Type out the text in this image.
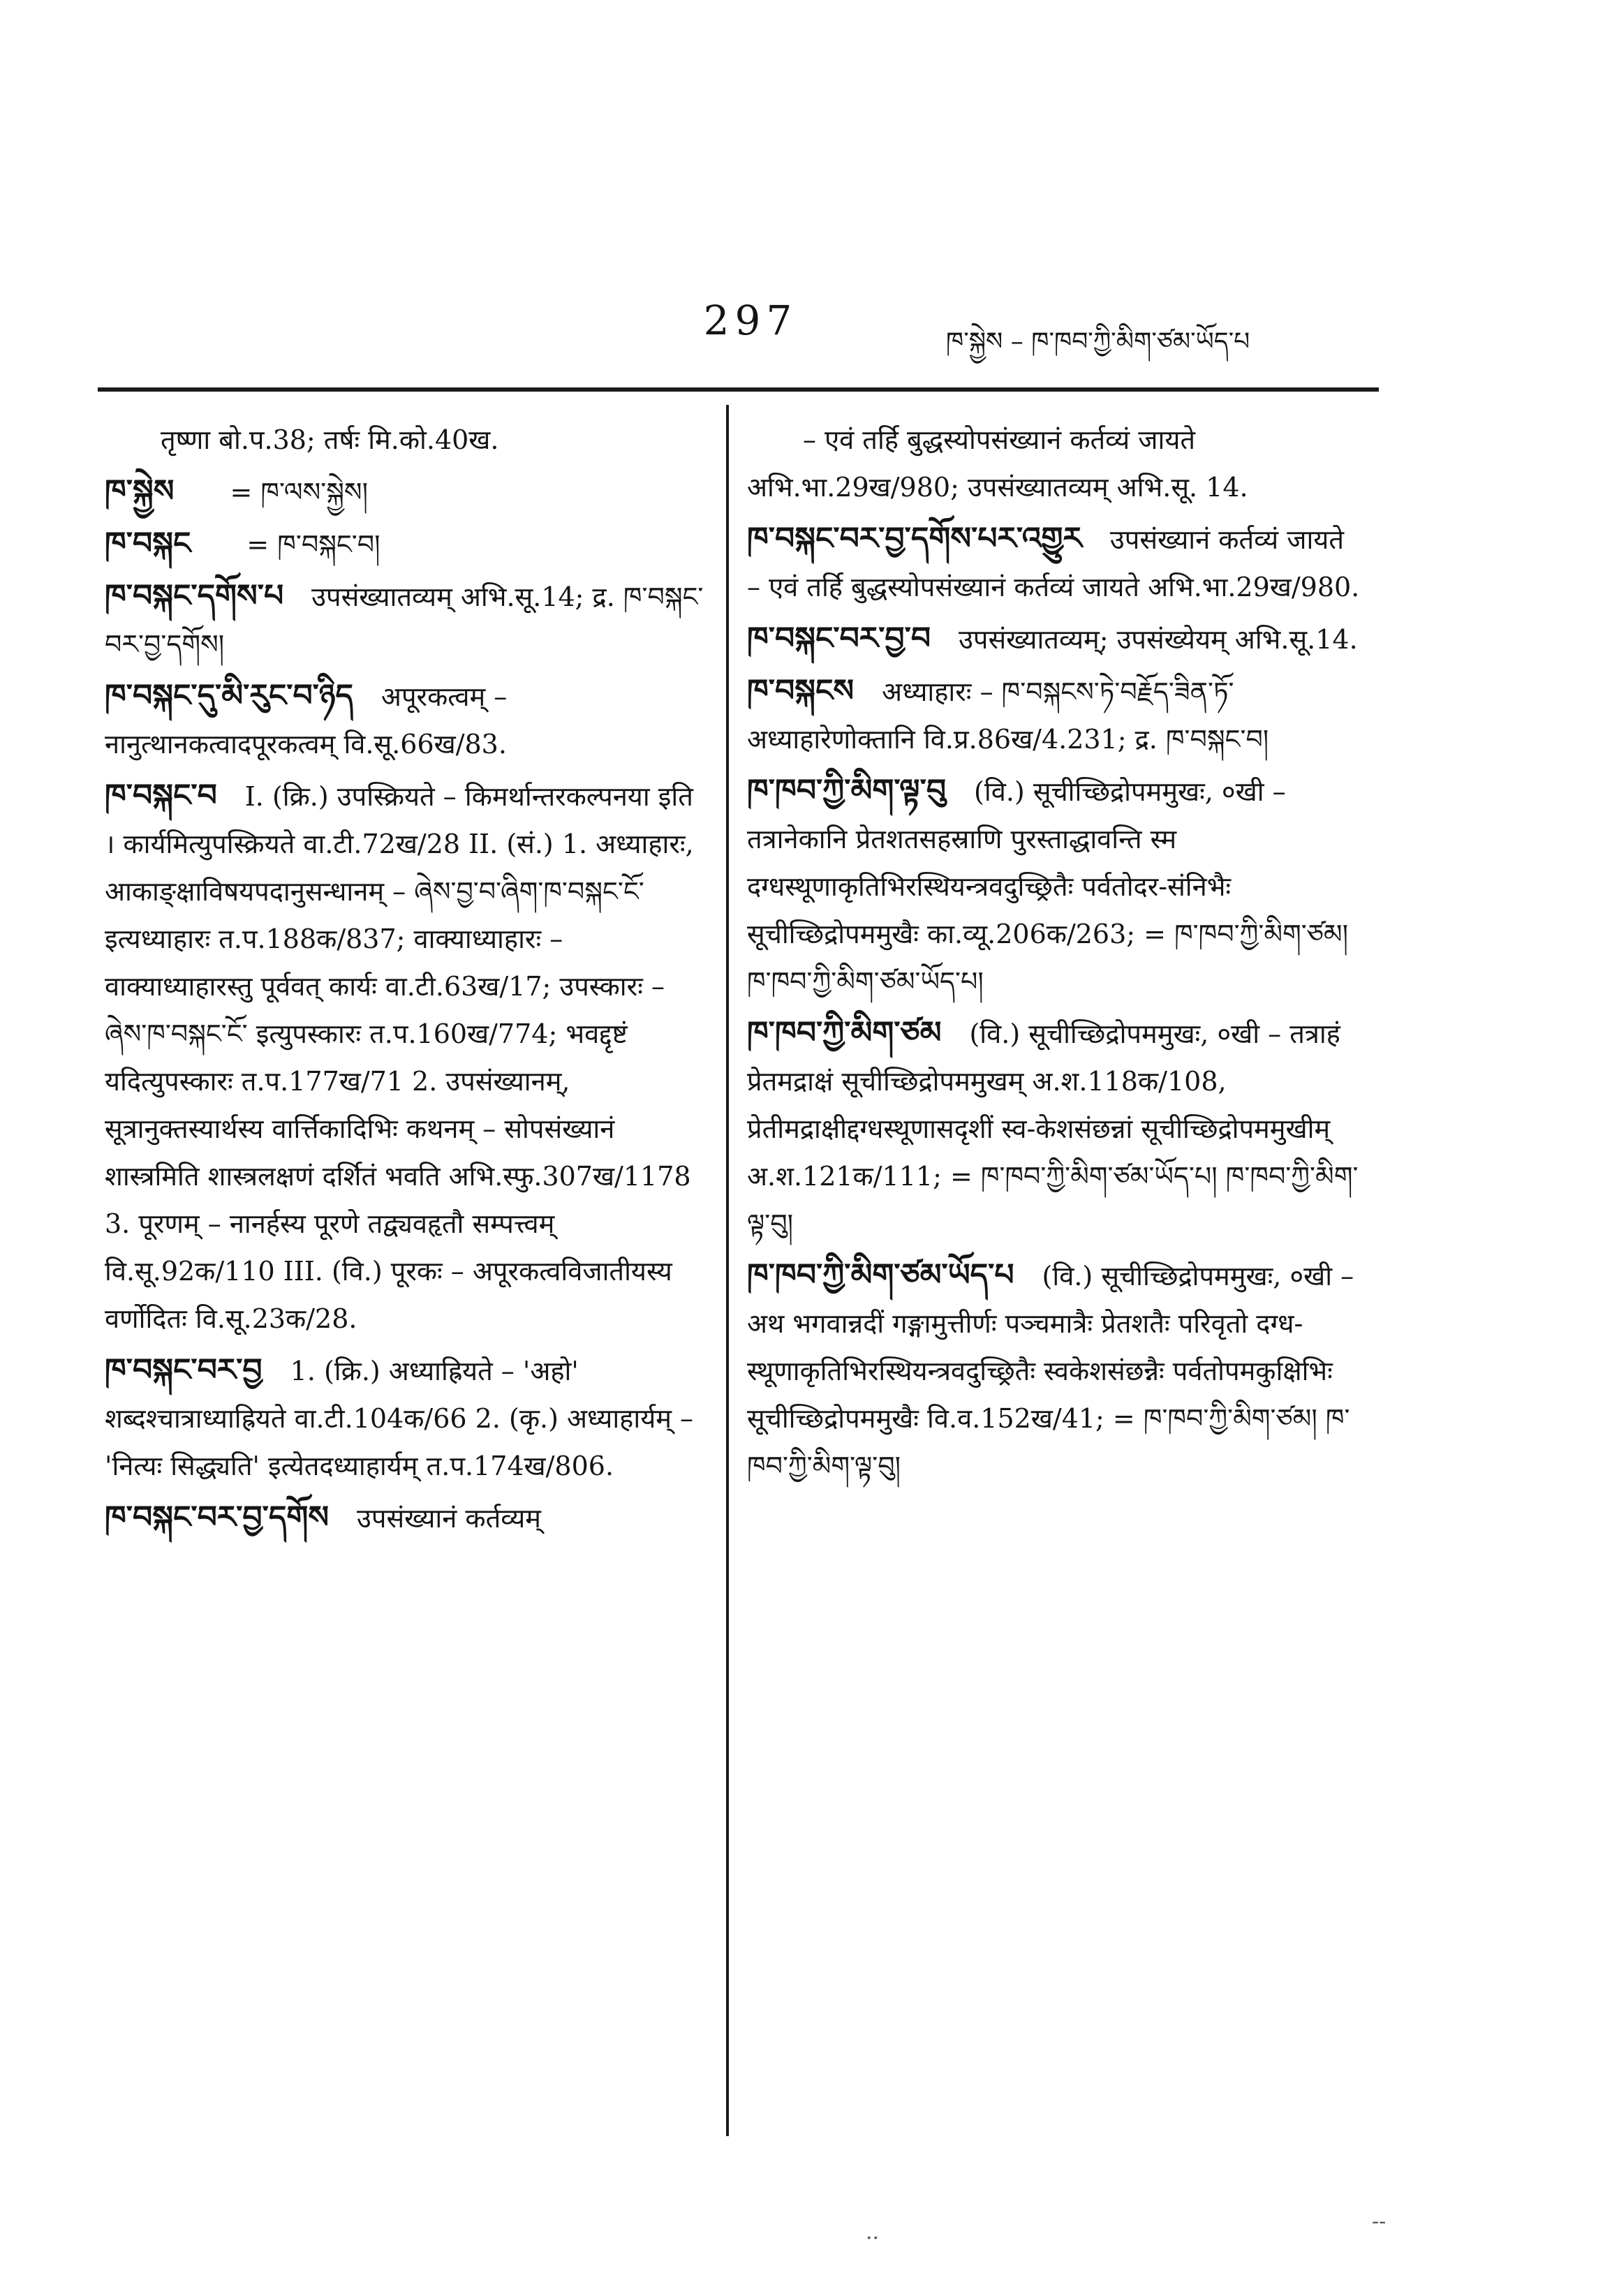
297	ཁ་སྐྱེས – ཁ་ཁབ་ཀྱི་མིག་ཙམ་ཡོད་པ
तृष्णा बो.प.38; तर्षः मि.को.40ख.
ཁ་སྐྱེས = ཁ་ལས་སྐྱེས།
ཁ་བསྐང = ཁ་བསྐང་བ།
ཁ་བསྐང་དགོས་པ उपसंख्यातव्यम् अभि.सू.14; द्र. ཁ་བསྐང་བར་བྱ་དགོས།
ཁ་བསྐང་དུ་མི་རུང་བ་ཉིད अपूरकत्वम् – नानुत्थानकत्वादपूरकत्वम् वि.सू.66ख/83.
ཁ་བསྐང་བ I. (क्रि.) उपस्क्रियते – किमर्थान्तरकल्पनया इति । कार्यमित्युपस्क्रियते वा.टी.72ख/28 II. (सं.) 1. अध्याहारः, आकाङ्क्षाविषयपदानुसन्धानम् – ཞེས་བྱ་བ་ཞིག་ཁ་བསྐང་ངོ་ इत्यध्याहारः त.प.188क/837; वाक्याध्याहारः – वाक्याध्याहारस्तु पूर्ववत् कार्यः वा.टी.63ख/17; उपस्कारः – ཞེས་ཁ་བསྐང་ངོ་ इत्युपस्कारः त.प.160ख/774; भवद्दृष्टं यदित्युपस्कारः त.प.177ख/71 2. उपसंख्यानम्, सूत्रानुक्तस्यार्थस्य वार्त्तिकादिभिः कथनम् – सोपसंख्यानं शास्त्रमिति शास्त्रलक्षणं दर्शितं भवति अभि.स्फु.307ख/1178 3. पूरणम् – नानर्हस्य पूरणे तद्व्यवहृतौ सम्पत्त्वम् वि.सू.92क/110 III. (वि.) पूरकः – अपूरकत्वविजातीयस्य वर्णोदितः वि.सू.23क/28.
ཁ་བསྐང་བར་བྱ 1. (क्रि.) अध्याह्रियते – 'अहो' शब्दश्चात्राध्याह्रियते वा.टी.104क/66 2. (कृ.) अध्याहार्यम् – 'नित्यः सिद्ध्यति' इत्येतदध्याहार्यम् त.प.174ख/806.
ཁ་བསྐང་བར་བྱ་དགོས उपसंख्यानं कर्तव्यम्
– एवं तर्हि बुद्धस्योपसंख्यानं कर्तव्यं जायते अभि.भा.29ख/980; उपसंख्यातव्यम् अभि.सू. 14.
ཁ་བསྐང་བར་བྱ་དགོས་པར་འགྱུར उपसंख्यानं कर्तव्यं जायते – एवं तर्हि बुद्धस्योपसंख्यानं कर्तव्यं जायते अभि.भा.29ख/980.
ཁ་བསྐང་བར་བྱ་བ उपसंख्यातव्यम्; उपसंख्येयम् अभि.सू.14.
ཁ་བསྐངས अध्याहारः – ཁ་བསྐངས་ཏེ་བརྗོད་ཟིན་ཏོ་ अध्याहारेणोक्तानि वि.प्र.86ख/4.231; द्र. ཁ་བསྐང་བ།
ཁ་ཁབ་ཀྱི་མིག་ལྟ་བུ (वि.) सूचीच्छिद्रोपममुखः, ०खी – तत्रानेकानि प्रेतशतसहस्राणि पुरस्ताद्धावन्ति स्म दग्धस्थूणाकृतिभिरस्थियन्त्रवदुच्छ्रितैः पर्वतोदर-संनिभैः सूचीच्छिद्रोपममुखैः का.व्यू.206क/263; = ཁ་ཁབ་ཀྱི་མིག་ཙམ། ཁ་ཁབ་ཀྱི་མིག་ཙམ་ཡོད་པ།
ཁ་ཁབ་ཀྱི་མིག་ཙམ (वि.) सूचीच्छिद्रोपममुखः, ०खी – तत्राहं प्रेतमद्राक्षं सूचीच्छिद्रोपममुखम् अ.श.118क/108, प्रेतीमद्राक्षीद्दग्धस्थूणासदृशीं स्व-केशसंछन्नां सूचीच्छिद्रोपममुखीम् अ.श.121क/111; = ཁ་ཁབ་ཀྱི་མིག་ཙམ་ཡོད་པ། ཁ་ཁབ་ཀྱི་མིག་ལྟ་བུ།
ཁ་ཁབ་ཀྱི་མིག་ཙམ་ཡོད་པ (वि.) सूचीच्छिद्रोपममुखः, ०खी – अथ भगवान्नदीं गङ्गामुत्तीर्णः पञ्चमात्रैः प्रेतशतैः परिवृतो दग्ध-स्थूणाकृतिभिरस्थियन्त्रवदुच्छ्रितैः स्वकेशसंछन्नैः पर्वतोपमकुक्षिभिः सूचीच्छिद्रोपममुखैः वि.व.152ख/41; = ཁ་ཁབ་ཀྱི་མིག་ཙམ། ཁ་ཁབ་ཀྱི་མིག་ལྟ་བུ།
..	--
